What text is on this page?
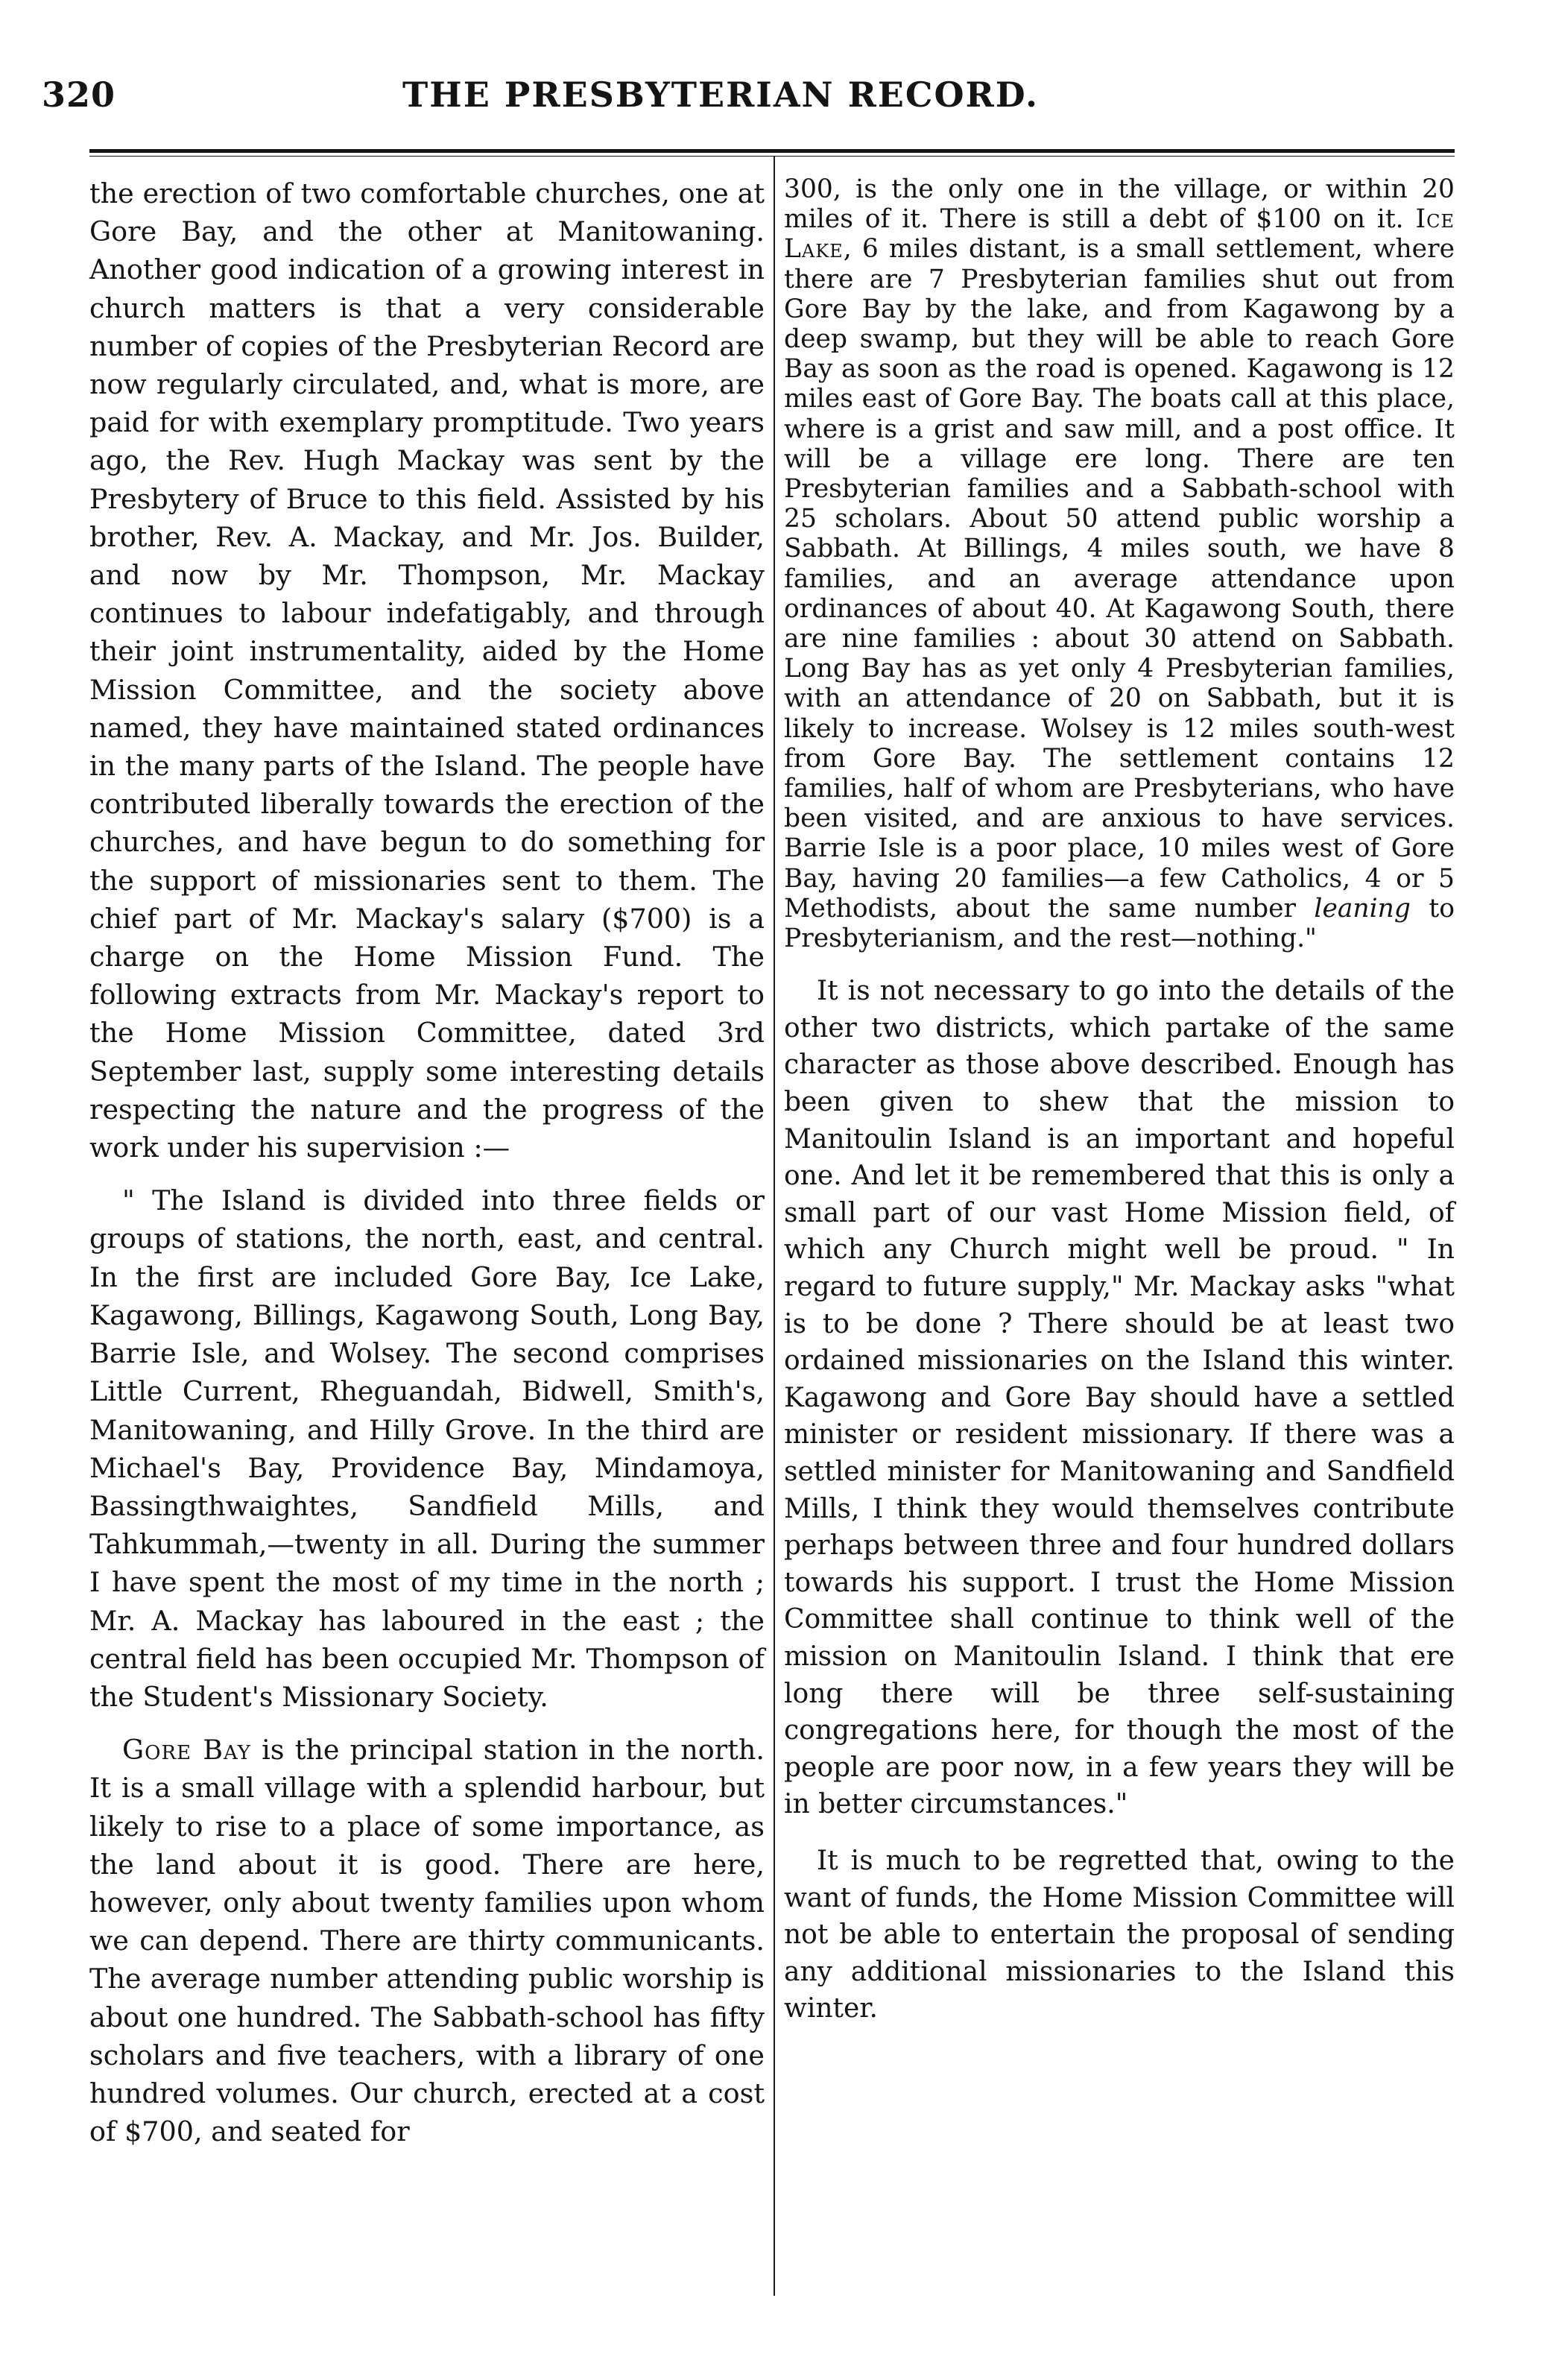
320	THE PRESBYTERIAN RECORD.

the erection of two comfortable churches, one at Gore Bay, and the other at Manitowaning. Another good indication of a growing interest in church matters is that a very considerable number of copies of the Presbyterian Record are now regularly circulated, and, what is more, are paid for with exemplary promptitude. Two years ago, the Rev. Hugh Mackay was sent by the Presbytery of Bruce to this field. Assisted by his brother, Rev. A. Mackay, and Mr. Jos. Builder, and now by Mr. Thompson, Mr. Mackay continues to labour indefatigably, and through their joint instrumentality, aided by the Home Mission Committee, and the society above named, they have maintained stated ordinances in the many parts of the Island. The people have contributed liberally towards the erection of the churches, and have begun to do something for the support of missionaries sent to them. The chief part of Mr. Mackay's salary ($700) is a charge on the Home Mission Fund. The following extracts from Mr. Mackay's report to the Home Mission Committee, dated 3rd September last, supply some interesting details respecting the nature and the progress of the work under his supervision :—

" The Island is divided into three fields or groups of stations, the north, east, and central. In the first are included Gore Bay, Ice Lake, Kagawong, Billings, Kagawong South, Long Bay, Barrie Isle, and Wolsey. The second comprises Little Current, Rheguandah, Bidwell, Smith's, Manitowaning, and Hilly Grove. In the third are Michael's Bay, Providence Bay, Mindamoya, Bassingthwaightes, Sandfield Mills, and Tahkummah,—twenty in all. During the summer I have spent the most of my time in the north ; Mr. A. Mackay has laboured in the east ; the central field has been occupied Mr. Thompson of the Student's Missionary Society.

Gore Bay is the principal station in the north. It is a small village with a splendid harbour, but likely to rise to a place of some importance, as the land about it is good. There are here, however, only about twenty families upon whom we can depend. There are thirty communicants. The average number attending public worship is about one hundred. The Sabbath-school has fifty scholars and five teachers, with a library of one hundred volumes. Our church, erected at a cost of $700, and seated for

300, is the only one in the village, or within 20 miles of it. There is still a debt of $100 on it. Ice Lake, 6 miles distant, is a small settlement, where there are 7 Presbyterian families shut out from Gore Bay by the lake, and from Kagawong by a deep swamp, but they will be able to reach Gore Bay as soon as the road is opened. Kagawong is 12 miles east of Gore Bay. The boats call at this place, where is a grist and saw mill, and a post office. It will be a village ere long. There are ten Presbyterian families and a Sabbath-school with 25 scholars. About 50 attend public worship a Sabbath. At Billings, 4 miles south, we have 8 families, and an average attendance upon ordinances of about 40. At Kagawong South, there are nine families : about 30 attend on Sabbath. Long Bay has as yet only 4 Presbyterian families, with an attendance of 20 on Sabbath, but it is likely to increase. Wolsey is 12 miles south-west from Gore Bay. The settlement contains 12 families, half of whom are Presbyterians, who have been visited, and are anxious to have services. Barrie Isle is a poor place, 10 miles west of Gore Bay, having 20 families—a few Catholics, 4 or 5 Methodists, about the same number leaning to Presbyterianism, and the rest—nothing."

It is not necessary to go into the details of the other two districts, which partake of the same character as those above described. Enough has been given to shew that the mission to Manitoulin Island is an important and hopeful one. And let it be remembered that this is only a small part of our vast Home Mission field, of which any Church might well be proud. " In regard to future supply," Mr. Mackay asks "what is to be done ? There should be at least two ordained missionaries on the Island this winter. Kagawong and Gore Bay should have a settled minister or resident missionary. If there was a settled minister for Manitowaning and Sandfield Mills, I think they would themselves contribute perhaps between three and four hundred dollars towards his support. I trust the Home Mission Committee shall continue to think well of the mission on Manitoulin Island. I think that ere long there will be three self-sustaining congregations here, for though the most of the people are poor now, in a few years they will be in better circumstances."

It is much to be regretted that, owing to the want of funds, the Home Mission Committee will not be able to entertain the proposal of sending any additional missionaries to the Island this winter.
